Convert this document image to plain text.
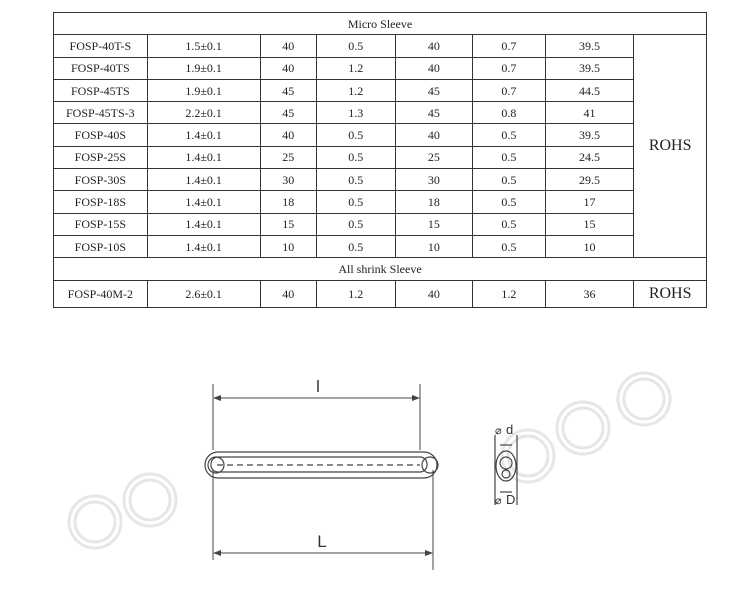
Micro Sleeve							
FOSP-40T-S	1.5±0.1	40	0.5	40	0.7	39.5	ROHS
FOSP-40TS	1.9±0.1	40	1.2	40	0.7	39.5	
FOSP-45TS	1.9±0.1	45	1.2	45	0.7	44.5	
FOSP-45TS-3	2.2±0.1	45	1.3	45	0.8	41	
FOSP-40S	1.4±0.1	40	0.5	40	0.5	39.5	
FOSP-25S	1.4±0.1	25	0.5	25	0.5	24.5	
FOSP-30S	1.4±0.1	30	0.5	30	0.5	29.5	
FOSP-18S	1.4±0.1	18	0.5	18	0.5	17	
FOSP-15S	1.4±0.1	15	0.5	15	0.5	15	
FOSP-10S	1.4±0.1	10	0.5	10	0.5	10	
All shrink Sleeve							
FOSP-40M-2	2.6±0.1	40	1.2	40	1.2	36	ROHS
l
L
⌀ d
⌀ D
